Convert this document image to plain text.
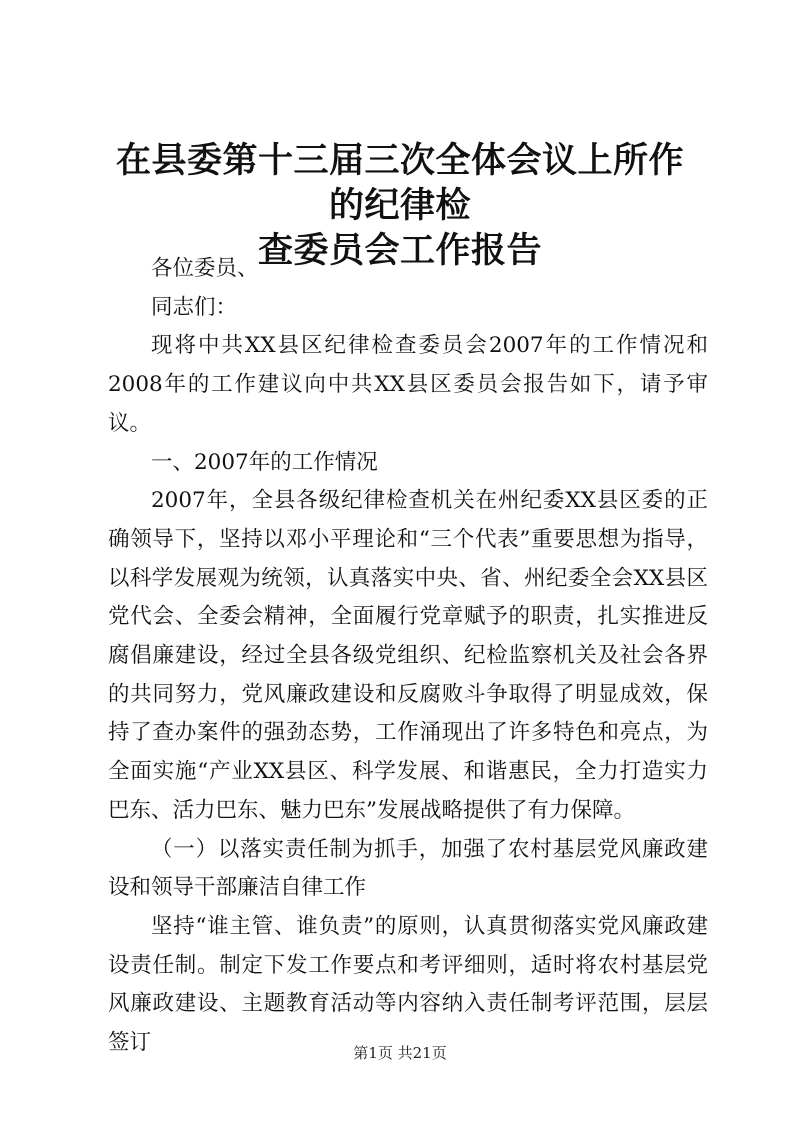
在县委第十三届三次全体会议上所作的纪律检
查委员会工作报告

各位委员、

同志们：

现将中共XX县区纪律检查委员会2007年的工作情况和2008年的工作建议向中共XX县区委员会报告如下，请予审议。

一、2007年的工作情况

2007年，全县各级纪律检查机关在州纪委XX县区委的正确领导下，坚持以邓小平理论和“三个代表”重要思想为指导，以科学发展观为统领，认真落实中央、省、州纪委全会XX县区党代会、全委会精神，全面履行党章赋予的职责，扎实推进反腐倡廉建设，经过全县各级党组织、纪检监察机关及社会各界的共同努力，党风廉政建设和反腐败斗争取得了明显成效，保持了查办案件的强劲态势，工作涌现出了许多特色和亮点，为全面实施“产业XX县区、科学发展、和谐惠民，全力打造实力巴东、活力巴东、魅力巴东”发展战略提供了有力保障。

（一）以落实责任制为抓手，加强了农村基层党风廉政建设和领导干部廉洁自律工作

坚持“谁主管、谁负责”的原则，认真贯彻落实党风廉政建设责任制。制定下发工作要点和考评细则，适时将农村基层党风廉政建设、主题教育活动等内容纳入责任制考评范围，层层签订	第1页 共21页
